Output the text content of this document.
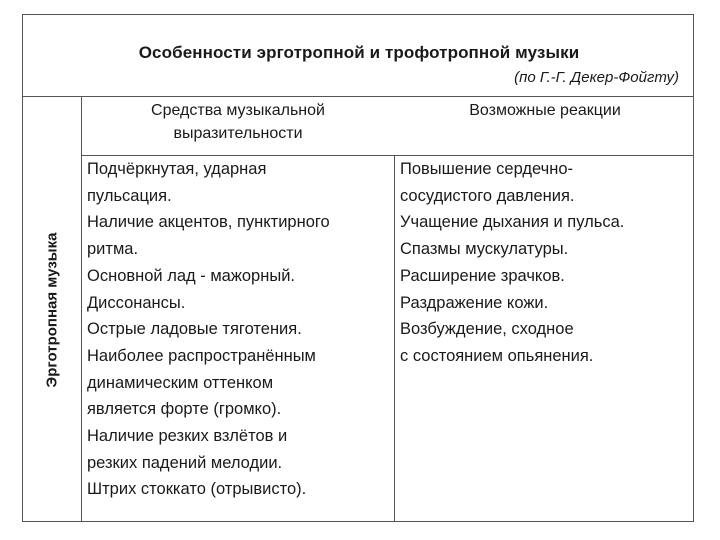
Особенности эрготропной и трофотропной музыки
(по Г.-Г. Декер-Фойгту)
Эрготропная музыка
Средства музыкальной
выразительности
Возможные реакции
Подчёркнутая, ударная
пульсация.
Наличие акцентов, пунктирного
ритма.
Основной лад - мажорный.
Диссонансы.
Острые ладовые тяготения.
Наиболее распространённым
динамическим оттенком
является форте (громко).
Наличие резких взлётов и
резких падений мелодии.
Штрих стоккато (отрывисто).
Повышение сердечно-
сосудистого давления.
Учащение дыхания и пульса.
Спазмы мускулатуры.
Расширение зрачков.
Раздражение кожи.
Возбуждение, сходное
с состоянием опьянения.
